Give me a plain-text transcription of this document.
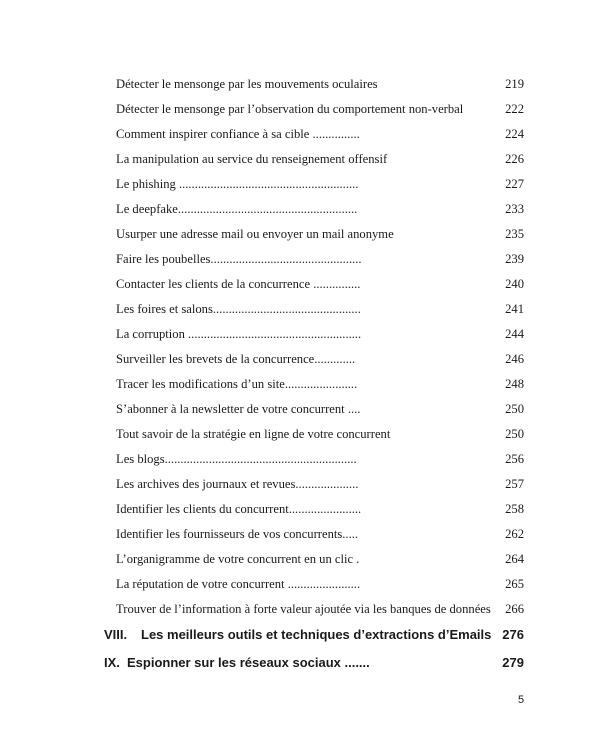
Détecter le mensonge par les mouvements oculaires	219
Détecter le mensonge par l’observation du comportement non-verbal	222
Comment inspirer confiance à sa cible ...............	224
La manipulation au service du renseignement offensif	226
Le phishing .........................................................	227
Le deepfake.........................................................	233
Usurper une adresse mail ou envoyer un mail anonyme	235
Faire les poubelles................................................	239
Contacter les clients de la concurrence ...............	240
Les foires et salons...............................................	241
La corruption .......................................................	244
Surveiller les brevets de la concurrence.............	246
Tracer les modifications d’un site.......................	248
S’abonner à la newsletter de votre concurrent ....	250
Tout savoir de la stratégie en ligne de votre concurrent	250
Les blogs.............................................................	256
Les archives des journaux et revues....................	257
Identifier les clients du concurrent.......................	258
Identifier les fournisseurs de vos concurrents.....	262
L’organigramme de votre concurrent en un clic .	264
La réputation de votre concurrent .......................	265
Trouver de l’information à forte valeur ajoutée via les banques de données 266
VIII. Les meilleurs outils et techniques d’extractions d’Emails 276
IX. Espionner sur les réseaux sociaux .......	279
5
